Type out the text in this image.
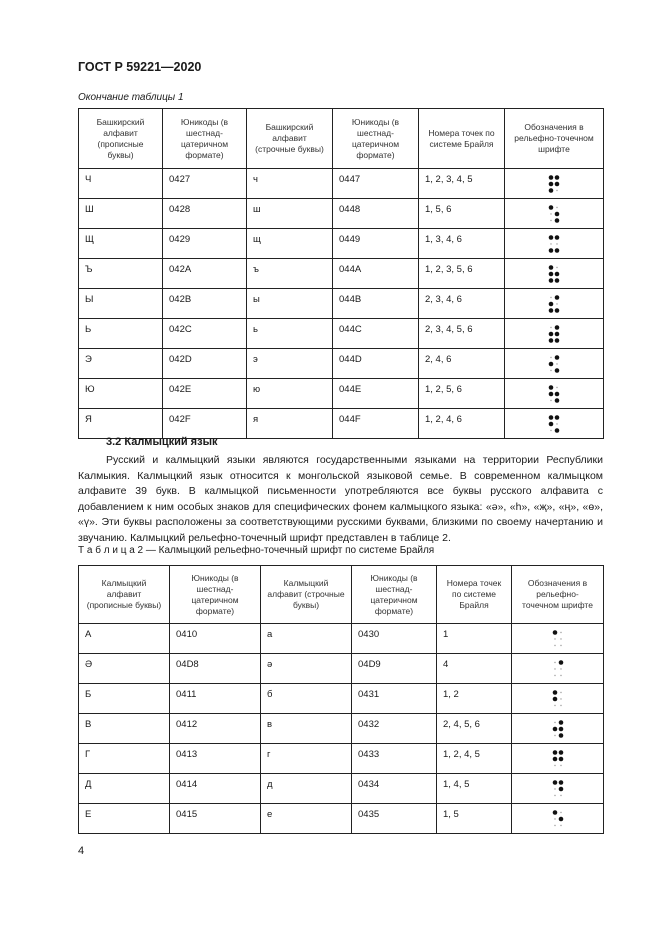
ГОСТ Р 59221—2020
Окончание таблицы 1
Башкирский алфавит (прописные буквы)	Юникоды (в шестнад-цатеричном формате)	Башкирский алфавит (строчные буквы)	Юникоды (в шестнад-цатеричном формате)	Номера точек по системе Брайля	Обозначения в рельефно-точечном шрифте
Ч	0427	ч	0447	1, 2, 3, 4, 5	
Ш	0428	ш	0448	1, 5, 6	
Щ	0429	щ	0449	1, 3, 4, 6	
Ъ	042A	ъ	044A	1, 2, 3, 5, 6	
Ы	042B	ы	044B	2, 3, 4, 6	
Ь	042C	ь	044C	2, 3, 4, 5, 6	
Э	042D	э	044D	2, 4, 6	
Ю	042E	ю	044E	1, 2, 5, 6	
Я	042F	я	044F	1, 2, 4, 6	
3.2 Калмыцкий язык

Русский и калмыцкий языки являются государственными языками на территории Республики Калмыкия. Калмыцкий язык относится к монгольской языковой семье. В современном калмыцком алфавите 39 букв. В калмыцкой письменности употребляются все буквы русского алфавита с добавлением к ним особых знаков для специфических фонем калмыцкого языка: «ә», «һ», «җ», «ң», «ө», «ү». Эти буквы расположены за соответствующими русскими буквами, близкими по своему начертанию и звучанию. Калмыцкий рельефно-точечный шрифт представлен в таблице 2.

Т а б л и ц а 2 — Калмыцкий рельефно-точечный шрифт по системе Брайля
Калмыцкий алфавит (прописные буквы)	Юникоды (в шестнад-цатеричном формате)	Калмыцкий алфавит (строчные буквы)	Юникоды (в шестнад-цатеричном формате)	Номера точек по системе Брайля	Обозначения в рельефно-точечном шрифте
А	0410	а	0430	1	
Ә	04D8	ә	04D9	4	
Б	0411	б	0431	1, 2	
В	0412	в	0432	2, 4, 5, 6	
Г	0413	г	0433	1, 2, 4, 5	
Д	0414	д	0434	1, 4, 5	
Е	0415	е	0435	1, 5	
4
